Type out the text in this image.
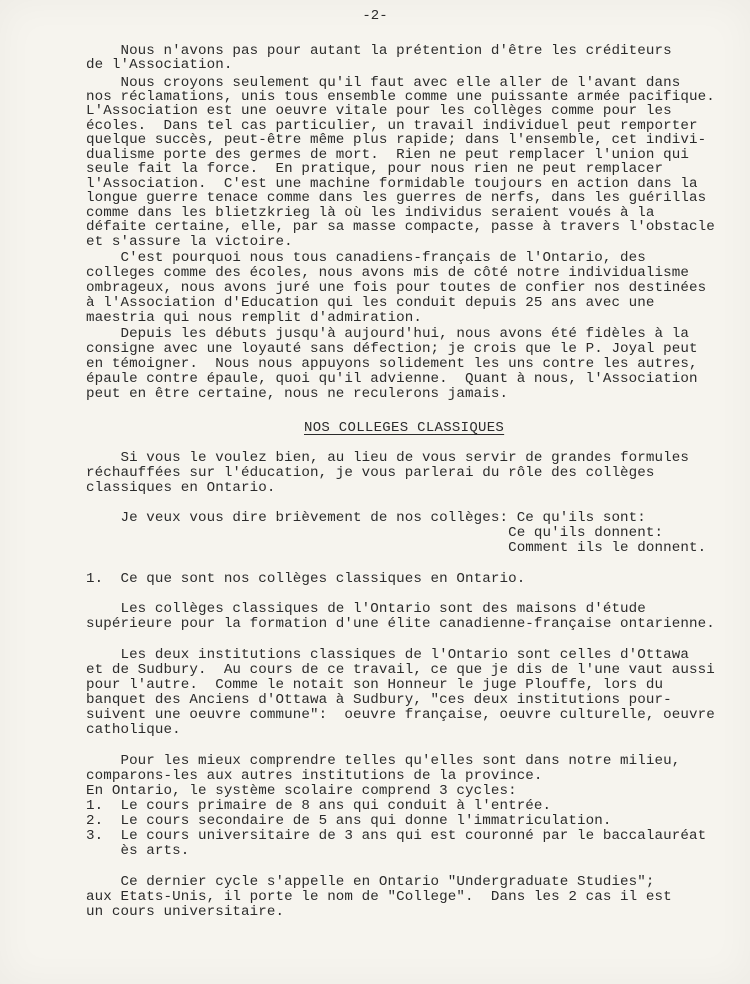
-2-
Nous n'avons pas pour autant la prétention d'être les créditeurs
de l'Association.
Nous croyons seulement qu'il faut avec elle aller de l'avant dans
nos réclamations, unis tous ensemble comme une puissante armée pacifique.
L'Association est une oeuvre vitale pour les collèges comme pour les
écoles.  Dans tel cas particulier, un travail individuel peut remporter
quelque succès, peut-être même plus rapide; dans l'ensemble, cet indivi-
dualisme porte des germes de mort.  Rien ne peut remplacer l'union qui
seule fait la force.  En pratique, pour nous rien ne peut remplacer
l'Association.  C'est une machine formidable toujours en action dans la
longue guerre tenace comme dans les guerres de nerfs, dans les guérillas
comme dans les blietzkrieg là où les individus seraient voués à la
défaite certaine, elle, par sa masse compacte, passe à travers l'obstacle
et s'assure la victoire.
C'est pourquoi nous tous canadiens-français de l'Ontario, des
colleges comme des écoles, nous avons mis de côté notre individualisme
ombrageux, nous avons juré une fois pour toutes de confier nos destinées
à l'Association d'Education qui les conduit depuis 25 ans avec une
maestria qui nous remplit d'admiration.
Depuis les débuts jusqu'à aujourd'hui, nous avons été fidèles à la
consigne avec une loyauté sans défection; je crois que le P. Joyal peut
en témoigner.  Nous nous appuyons solidement les uns contre les autres,
épaule contre épaule, quoi qu'il advienne.  Quant à nous, l'Association
peut en être certaine, nous ne reculerons jamais.
NOS COLLEGES CLASSIQUES
Si vous le voulez bien, au lieu de vous servir de grandes formules
réchauffées sur l'éducation, je vous parlerai du rôle des collèges
classiques en Ontario.
Je veux vous dire brièvement de nos collèges: Ce qu'ils sont:
Ce qu'ils donnent:
Comment ils le donnent.
1.  Ce que sont nos collèges classiques en Ontario.
Les collèges classiques de l'Ontario sont des maisons d'étude
supérieure pour la formation d'une élite canadienne-française ontarienne.
Les deux institutions classiques de l'Ontario sont celles d'Ottawa
et de Sudbury.  Au cours de ce travail, ce que je dis de l'une vaut aussi
pour l'autre.  Comme le notait son Honneur le juge Plouffe, lors du
banquet des Anciens d'Ottawa à Sudbury, "ces deux institutions pour-
suivent une oeuvre commune":  oeuvre française, oeuvre culturelle, oeuvre
catholique.
Pour les mieux comprendre telles qu'elles sont dans notre milieu,
comparons-les aux autres institutions de la province.
En Ontario, le système scolaire comprend 3 cycles:
1.  Le cours primaire de 8 ans qui conduit à l'entrée.
2.  Le cours secondaire de 5 ans qui donne l'immatriculation.
3.  Le cours universitaire de 3 ans qui est couronné par le baccalauréat
ès arts.
Ce dernier cycle s'appelle en Ontario "Undergraduate Studies";
aux Etats-Unis, il porte le nom de "College".  Dans les 2 cas il est
un cours universitaire.
